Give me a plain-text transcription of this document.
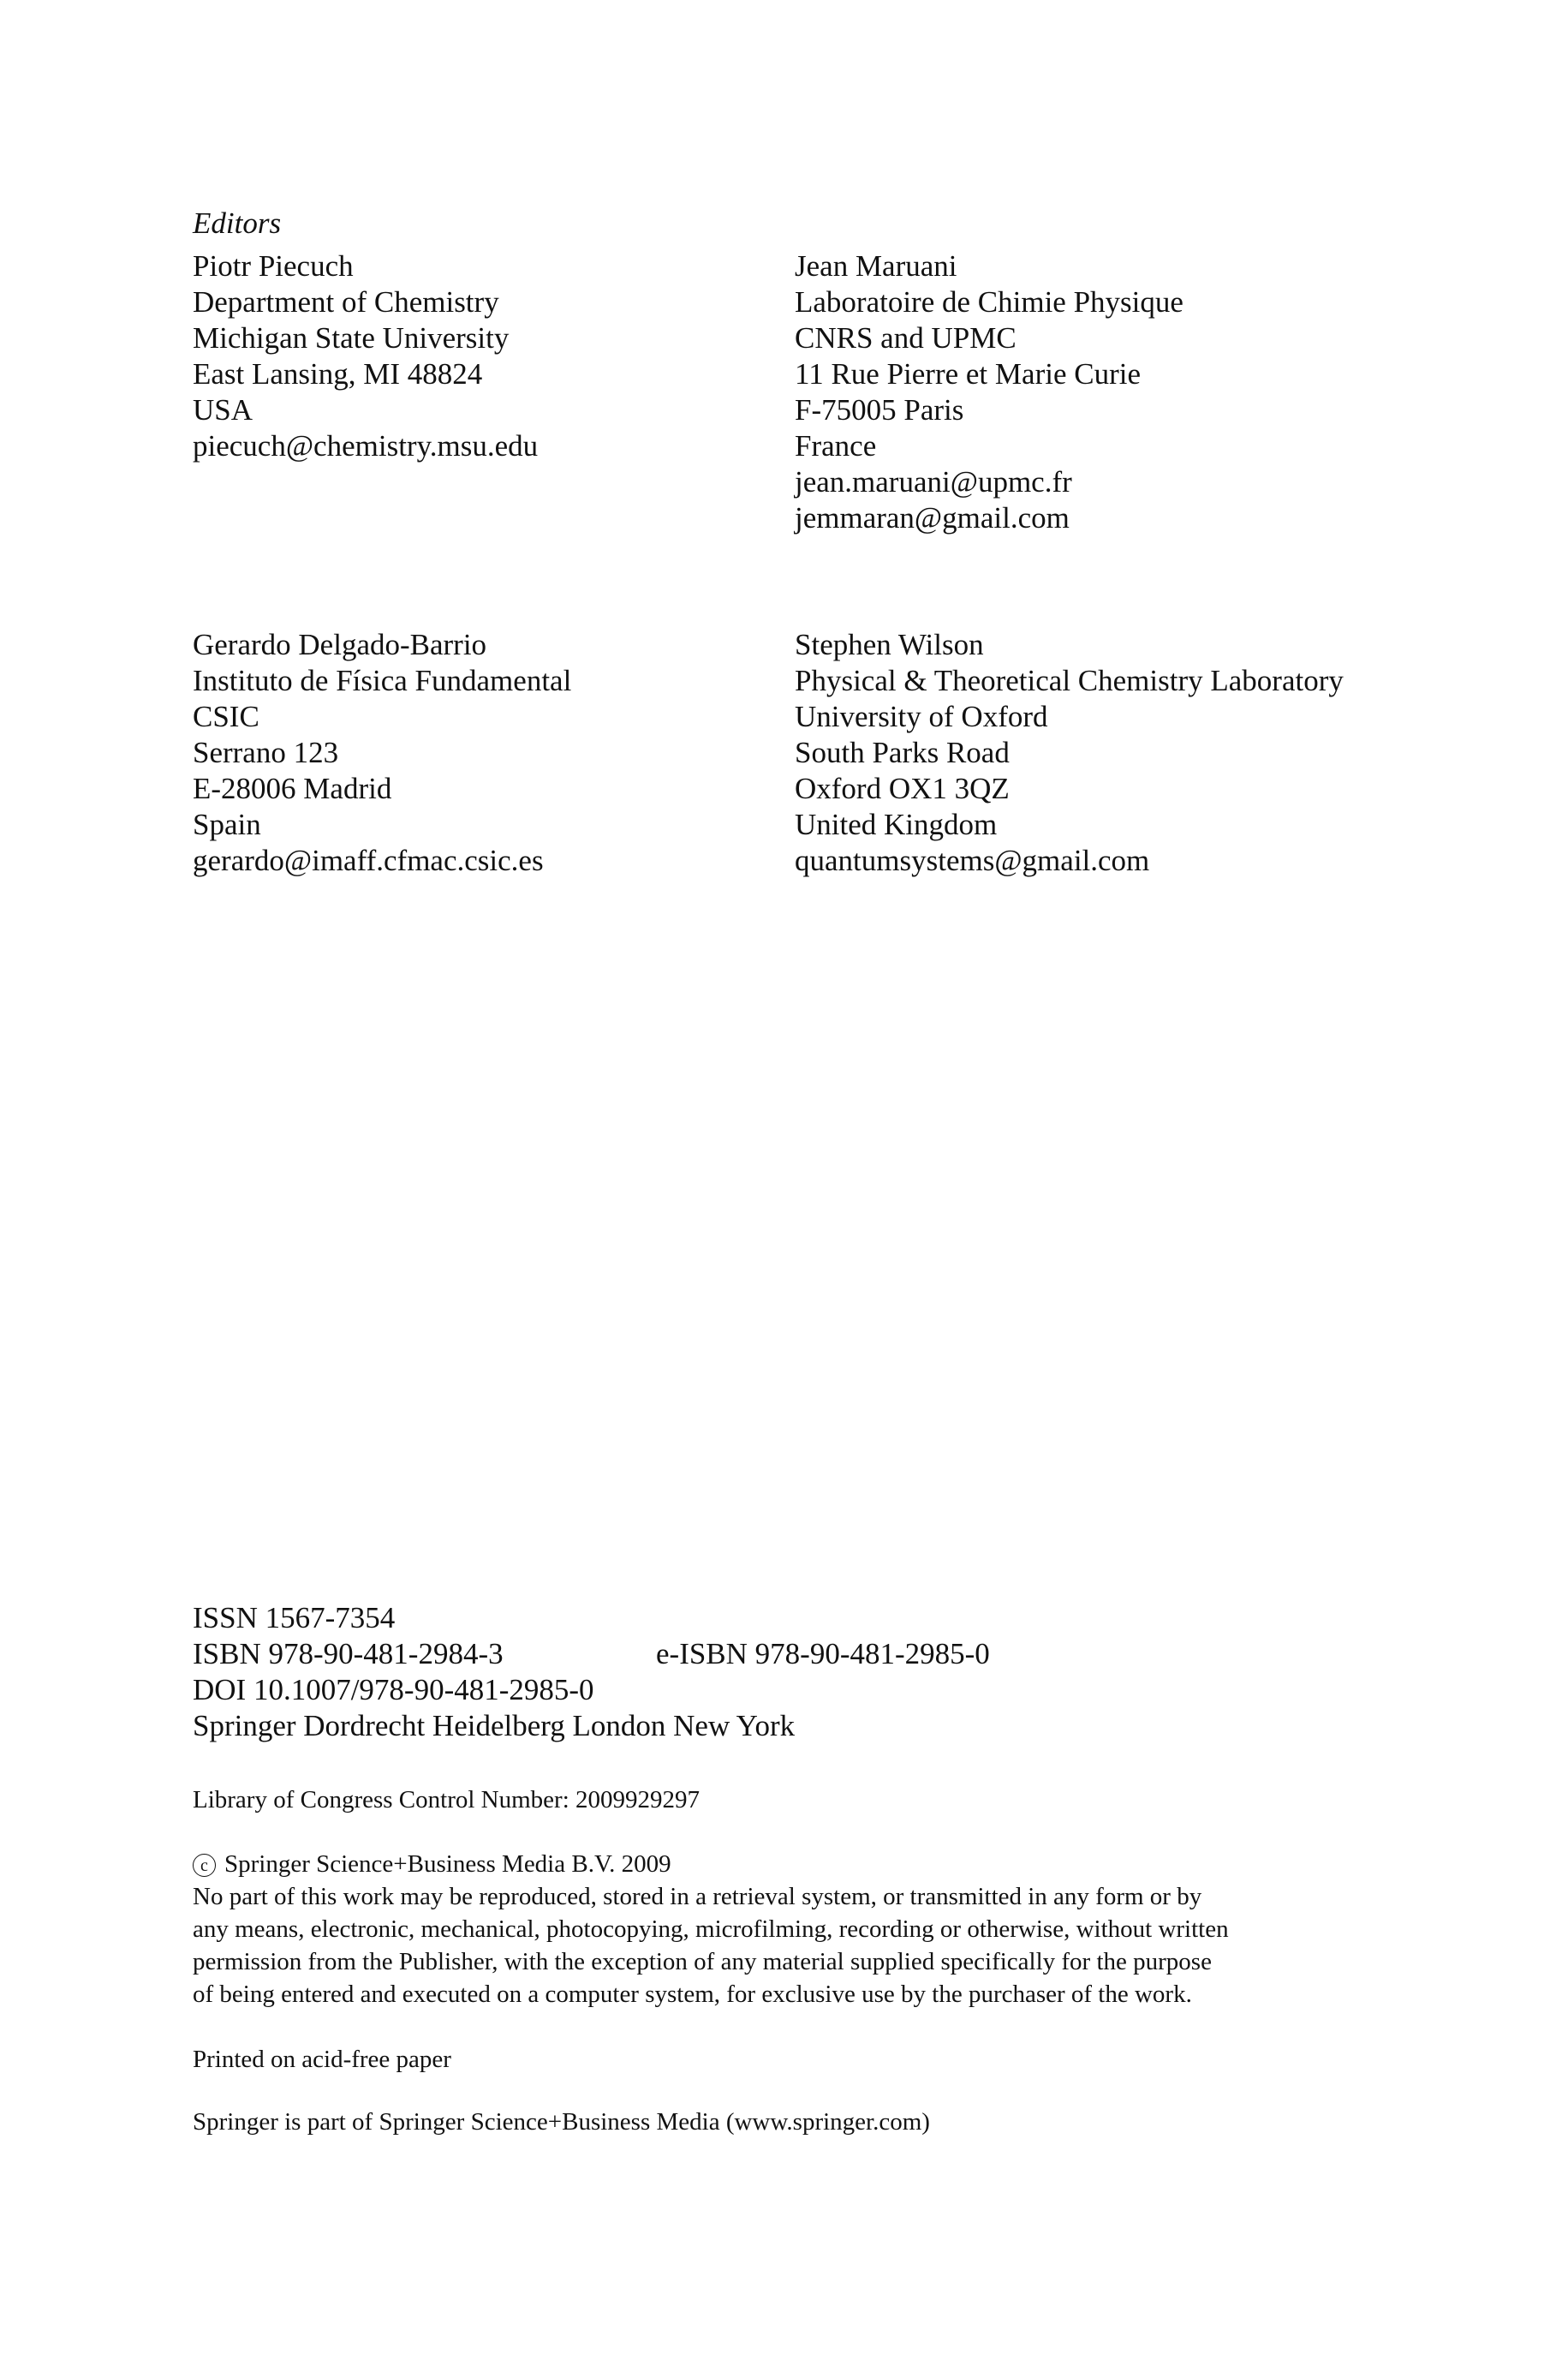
Editors
Piotr Piecuch
Department of Chemistry
Michigan State University
East Lansing, MI 48824
USA
piecuch@chemistry.msu.edu
Jean Maruani
Laboratoire de Chimie Physique
CNRS and UPMC
11 Rue Pierre et Marie Curie
F-75005 Paris
France
jean.maruani@upmc.fr
jemmaran@gmail.com
Gerardo Delgado-Barrio
Instituto de Física Fundamental
CSIC
Serrano 123
E-28006 Madrid
Spain
gerardo@imaff.cfmac.csic.es
Stephen Wilson
Physical & Theoretical Chemistry Laboratory
University of Oxford
South Parks Road
Oxford OX1 3QZ
United Kingdom
quantumsystems@gmail.com
ISSN 1567-7354
ISBN 978-90-481-2984-3	e-ISBN 978-90-481-2985-0
DOI 10.1007/978-90-481-2985-0
Springer Dordrecht Heidelberg London New York
Library of Congress Control Number: 2009929297
c Springer Science+Business Media B.V. 2009
No part of this work may be reproduced, stored in a retrieval system, or transmitted in any form or by
any means, electronic, mechanical, photocopying, microfilming, recording or otherwise, without written
permission from the Publisher, with the exception of any material supplied specifically for the purpose
of being entered and executed on a computer system, for exclusive use by the purchaser of the work.
Printed on acid-free paper
Springer is part of Springer Science+Business Media (www.springer.com)
